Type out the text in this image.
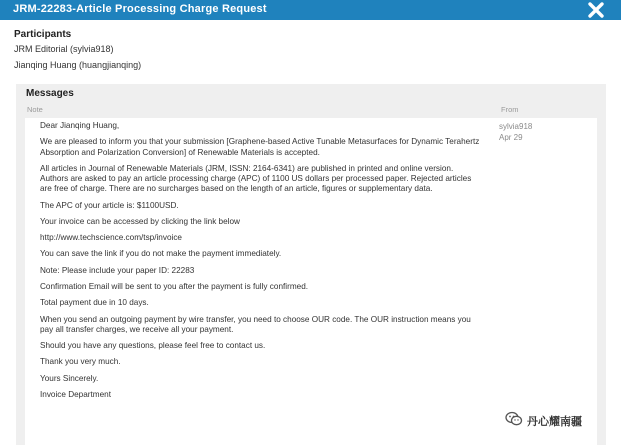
JRM-22283-Article Processing Charge Request
Participants
JRM Editorial (sylvia918)
Jianqing Huang (huangjianqing)
Messages
Note	From

Dear Jianqing Huang,

We are pleased to inform you that your submission [Graphene-based Active Tunable Metasurfaces for Dynamic Terahertz Absorption and Polarization Conversion] of Renewable Materials is accepted.

All articles in Journal of Renewable Materials (JRM, ISSN: 2164-6341) are published in printed and online version. Authors are asked to pay an article processing charge (APC) of 1100 US dollars per processed paper. Rejected articles are free of charge. There are no surcharges based on the length of an article, figures or supplementary data.

The APC of your article is: $1100USD.

Your invoice can be accessed by clicking the link below

http://www.techscience.com/tsp/invoice

You can save the link if you do not make the payment immediately.

Note: Please include your paper ID: 22283

Confirmation Email will be sent to you after the payment is fully confirmed.

Total payment due in 10 days.

When you send an outgoing payment by wire transfer, you need to choose OUR code. The OUR instruction means you pay all transfer charges, we receive all your payment.

Should you have any questions, please feel free to contact us.

Thank you very much.

Yours Sincerely.

Invoice Department

sylvia918
Apr 29
丹心耀南疆
